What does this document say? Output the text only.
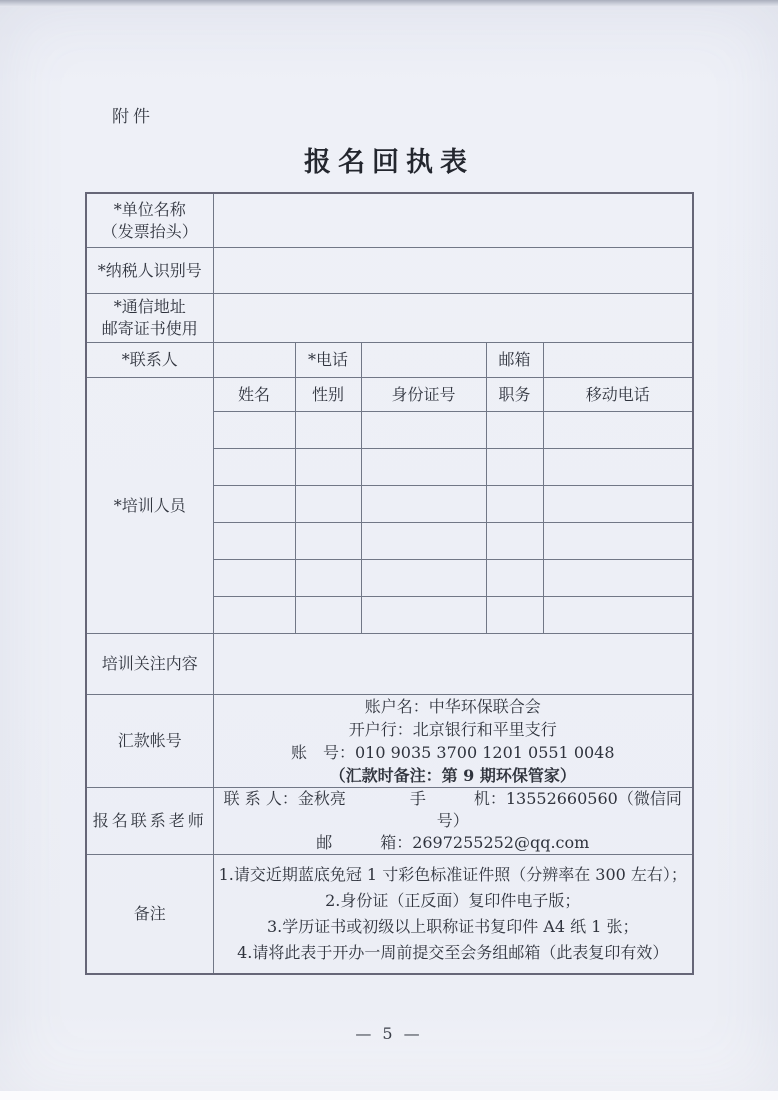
附件
报名回执表
*单位名称
（发票抬头）					

*纳税人识别号					

*通信地址
邮寄证书使用					

*联系人		*电话		邮箱	
*培训人员	姓名	性别	身份证号	职务	移动电话

培训关注内容					
汇款帐号	账户名：中华环保联合会
开户行：北京银行和平里支行
账　号：010 9035 3700 1201 0551 0048
（汇款时备注：第 9 期环保管家）				

报名联系老师	联 系 人：金秋亮　　　　手　　　机：13552660560（微信同号）
邮　　　箱：2697255252@qq.com				

备注	1.请交近期蓝底免冠 1 寸彩色标准证件照（分辨率在 300 左右）；
2.身份证（正反面）复印件电子版；
3.学历证书或初级以上职称证书复印件 A4 纸 1 张；
4.请将此表于开办一周前提交至会务组邮箱（此表复印有效）				
— 5 —
